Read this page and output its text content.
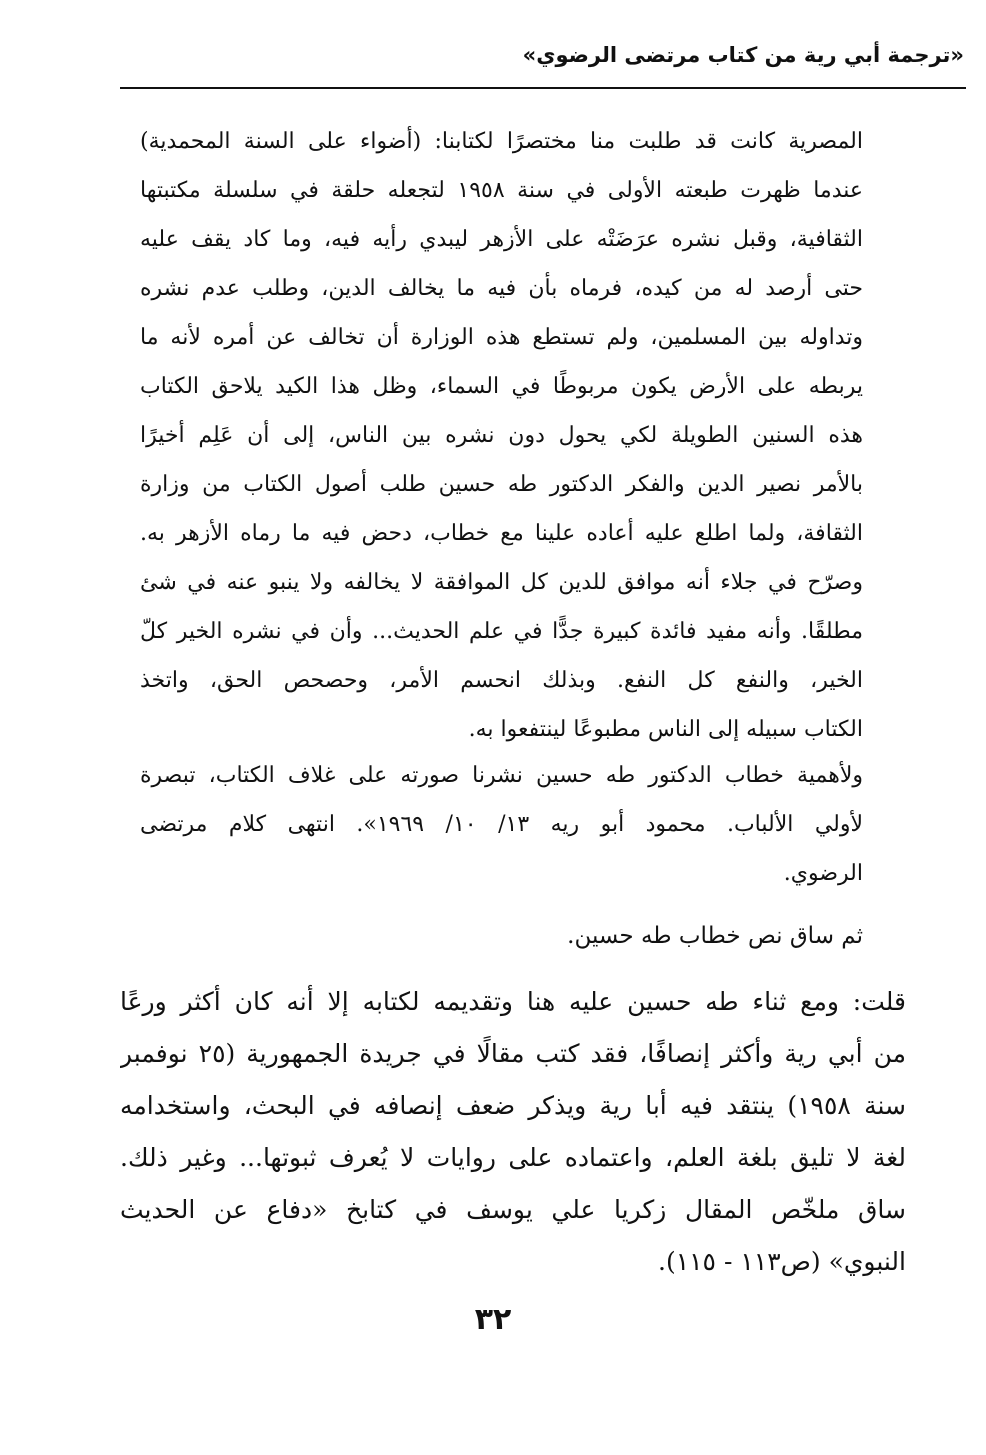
«ترجمة أبي رية من كتاب مرتضى الرضوي»
المصرية كانت قد طلبت منا مختصرًا لكتابنا: (أضواء على السنة المحمدية)
عندما ظهرت طبعته الأولى في سنة ١٩٥٨ لتجعله حلقة في سلسلة مكتبتها
الثقافية، وقبل نشره عرَضَتْه على الأزهر ليبدي رأيه فيه، وما كاد يقف عليه
حتى أرصد له من كيده، فرماه بأن فيه ما يخالف الدين، وطلب عدم نشره
وتداوله بين المسلمين، ولم تستطع هذه الوزارة أن تخالف عن أمره لأنه ما
يربطه على الأرض يكون مربوطًا في السماء، وظل هذا الكيد يلاحق الكتاب
هذه السنين الطويلة لكي يحول دون نشره بين الناس، إلى أن عَلِم أخيرًا
بالأمر نصير الدين والفكر الدكتور طه حسين طلب أصول الكتاب من وزارة
الثقافة، ولما اطلع عليه أعاده علينا مع خطاب، دحض فيه ما رماه الأزهر به.
وصرّح في جلاء أنه موافق للدين كل الموافقة لا يخالفه ولا ينبو عنه في شئ
مطلقًا. وأنه مفيد فائدة كبيرة جدًّا في علم الحديث... وأن في نشره الخير كلّ
الخير، والنفع كل النفع. وبذلك انحسم الأمر، وحصحص الحق، واتخذ
الكتاب سبيله إلى الناس مطبوعًا لينتفعوا به.
ولأهمية خطاب الدكتور طه حسين نشرنا صورته على غلاف الكتاب، تبصرة
لأولي الألباب. محمود أبو ريه ١٣/ ١٠/ ١٩٦٩». انتهى كلام مرتضى
الرضوي.
ثم ساق نص خطاب طه حسين.
قلت: ومع ثناء طه حسين عليه هنا وتقديمه لكتابه إلا أنه كان أكثر ورعًا
من أبي رية وأكثر إنصافًا، فقد كتب مقالًا في جريدة الجمهورية (٢٥ نوفمبر
سنة ١٩٥٨) ينتقد فيه أبا رية ويذكر ضعف إنصافه في البحث، واستخدامه
لغة لا تليق بلغة العلم، واعتماده على روايات لا يُعرف ثبوتها... وغير ذلك.
ساق ملخّص المقال زكريا علي يوسف في كتابخ «دفاع عن الحديث
النبوي» (ص١١٣ - ١١٥).
٣٢
